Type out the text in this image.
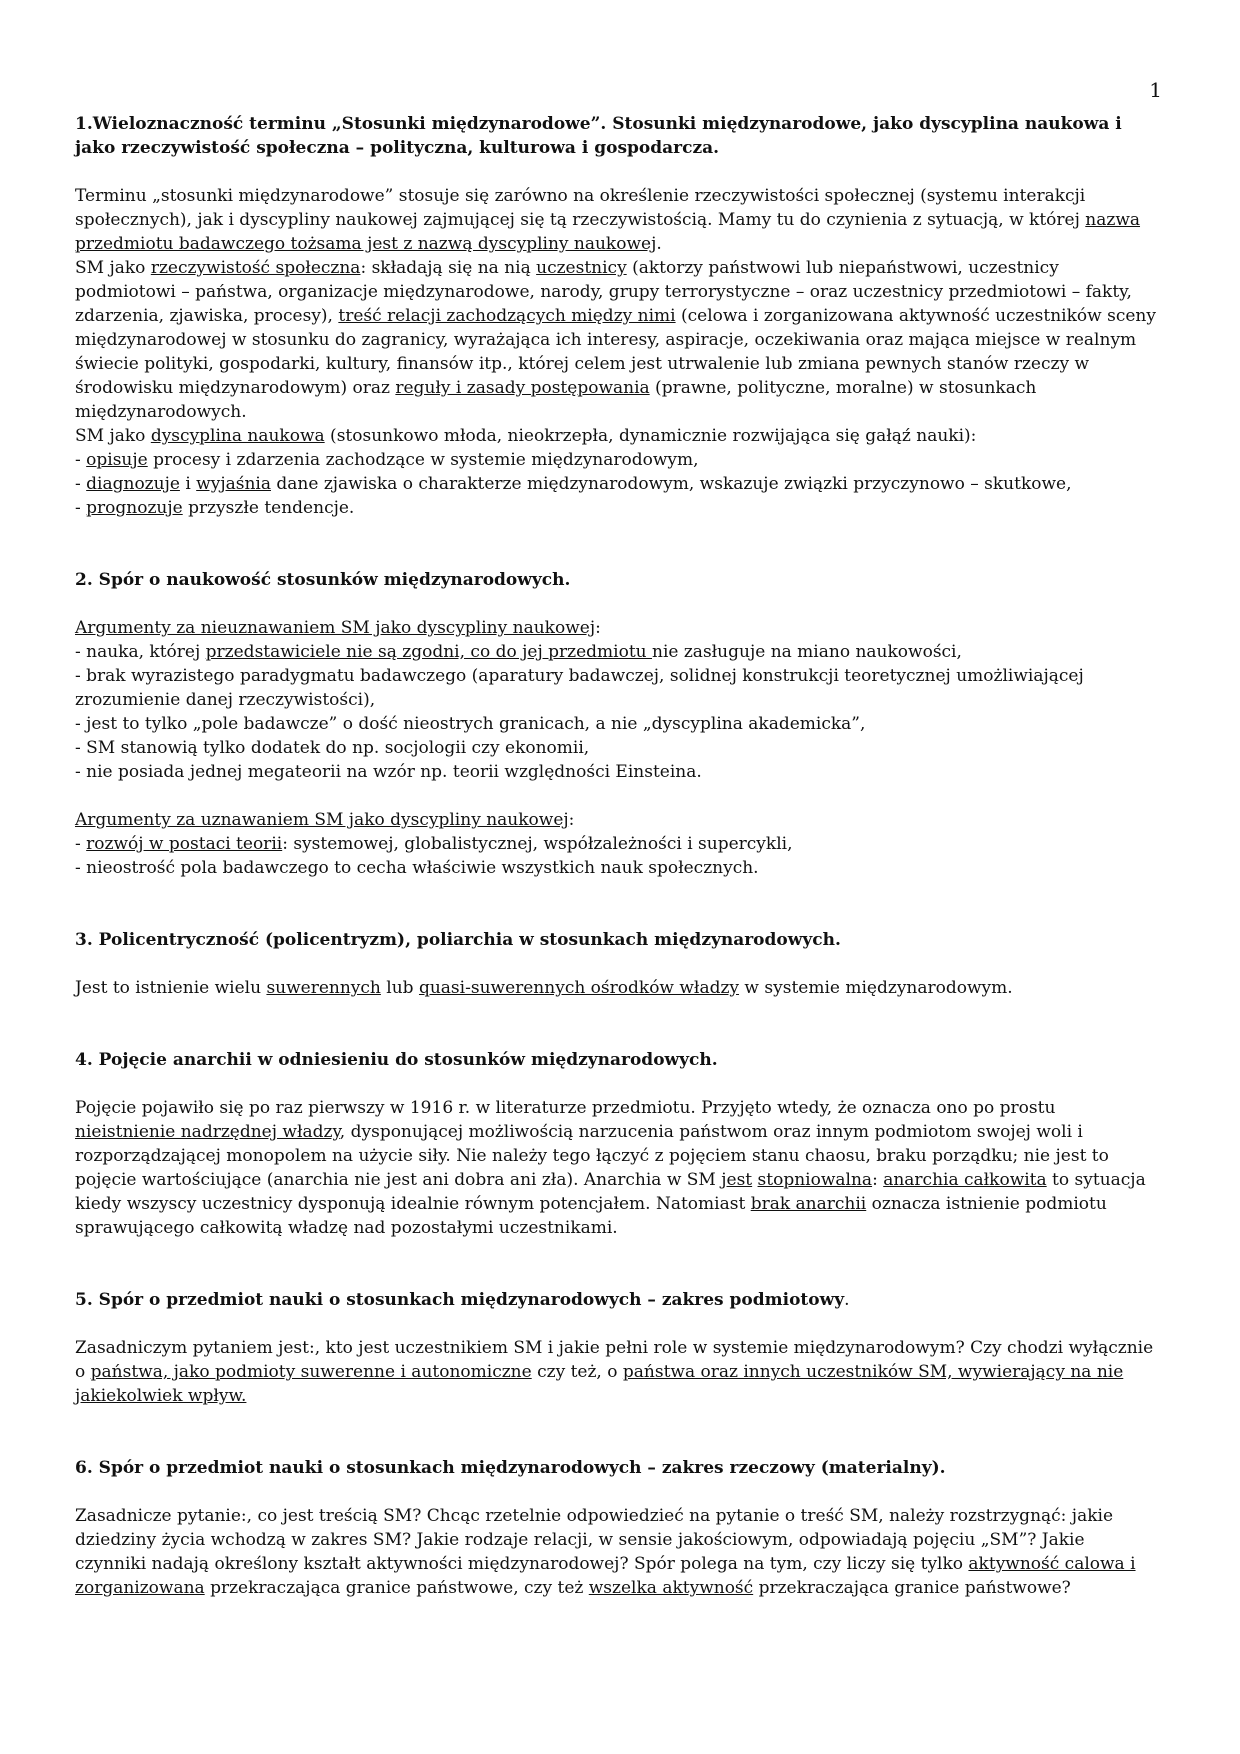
1

1.Wieloznaczność terminu „Stosunki międzynarodowe”. Stosunki międzynarodowe, jako dyscyplina naukowa i jako rzeczywistość społeczna – polityczna, kulturowa i gospodarcza.

Terminu „stosunki międzynarodowe” stosuje się zarówno na określenie rzeczywistości społecznej (systemu interakcji społecznych), jak i dyscypliny naukowej zajmującej się tą rzeczywistością. Mamy tu do czynienia z sytuacją, w której nazwa przedmiotu badawczego tożsama jest z nazwą dyscypliny naukowej.

SM jako rzeczywistość społeczna: składają się na nią uczestnicy (aktorzy państwowi lub niepaństwowi, uczestnicy podmiotowi – państwa, organizacje międzynarodowe, narody, grupy terrorystyczne – oraz uczestnicy przedmiotowi – fakty, zdarzenia, zjawiska, procesy), treść relacji zachodzących między nimi (celowa i zorganizowana aktywność uczestników sceny międzynarodowej w stosunku do zagranicy, wyrażająca ich interesy, aspiracje, oczekiwania oraz mająca miejsce w realnym świecie polityki, gospodarki, kultury, finansów itp., której celem jest utrwalenie lub zmiana pewnych stanów rzeczy w środowisku międzynarodowym) oraz reguły i zasady postępowania (prawne, polityczne, moralne) w stosunkach międzynarodowych.

SM jako dyscyplina naukowa (stosunkowo młoda, nieokrzepła, dynamicznie rozwijająca się gałąź nauki):

- opisuje procesy i zdarzenia zachodzące w systemie międzynarodowym,

- diagnozuje i wyjaśnia dane zjawiska o charakterze międzynarodowym, wskazuje związki przyczynowo – skutkowe,

- prognozuje przyszłe tendencje.

2. Spór o naukowość stosunków międzynarodowych.

Argumenty za nieuznawaniem SM jako dyscypliny naukowej:

- nauka, której przedstawiciele nie są zgodni, co do jej przedmiotu nie zasługuje na miano naukowości,

- brak wyrazistego paradygmatu badawczego (aparatury badawczej, solidnej konstrukcji teoretycznej umożliwiającej zrozumienie danej rzeczywistości),

- jest to tylko „pole badawcze” o dość nieostrych granicach, a nie „dyscyplina akademicka”,

- SM stanowią tylko dodatek do np. socjologii czy ekonomii,

- nie posiada jednej megateorii na wzór np. teorii względności Einsteina.

Argumenty za uznawaniem SM jako dyscypliny naukowej:

- rozwój w postaci teorii: systemowej, globalistycznej, współzależności i supercykli,

- nieostrość pola badawczego to cecha właściwie wszystkich nauk społecznych.

3. Policentryczność (policentryzm), poliarchia w stosunkach międzynarodowych.

Jest to istnienie wielu suwerennych lub quasi-suwerennych ośrodków władzy w systemie międzynarodowym.

4. Pojęcie anarchii w odniesieniu do stosunków międzynarodowych.

Pojęcie pojawiło się po raz pierwszy w 1916 r. w literaturze przedmiotu. Przyjęto wtedy, że oznacza ono po prostu nieistnienie nadrzędnej władzy, dysponującej możliwością narzucenia państwom oraz innym podmiotom swojej woli i rozporządzającej monopolem na użycie siły. Nie należy tego łączyć z pojęciem stanu chaosu, braku porządku; nie jest to pojęcie wartościujące (anarchia nie jest ani dobra ani zła). Anarchia w SM jest stopniowalna: anarchia całkowita to sytuacja kiedy wszyscy uczestnicy dysponują idealnie równym potencjałem. Natomiast brak anarchii oznacza istnienie podmiotu sprawującego całkowitą władzę nad pozostałymi uczestnikami.

5. Spór o przedmiot nauki o stosunkach międzynarodowych – zakres podmiotowy.

Zasadniczym pytaniem jest:, kto jest uczestnikiem SM i jakie pełni role w systemie międzynarodowym? Czy chodzi wyłącznie o państwa, jako podmioty suwerenne i autonomiczne czy też, o państwa oraz innych uczestników SM, wywierający na nie jakiekolwiek wpływ.

6. Spór o przedmiot nauki o stosunkach międzynarodowych – zakres rzeczowy (materialny).

Zasadnicze pytanie:, co jest treścią SM? Chcąc rzetelnie odpowiedzieć na pytanie o treść SM, należy rozstrzygnąć: jakie dziedziny życia wchodzą w zakres SM? Jakie rodzaje relacji, w sensie jakościowym, odpowiadają pojęciu „SM”? Jakie czynniki nadają określony kształt aktywności międzynarodowej? Spór polega na tym, czy liczy się tylko aktywność calowa i zorganizowana przekraczająca granice państwowe, czy też wszelka aktywność przekraczająca granice państwowe?
